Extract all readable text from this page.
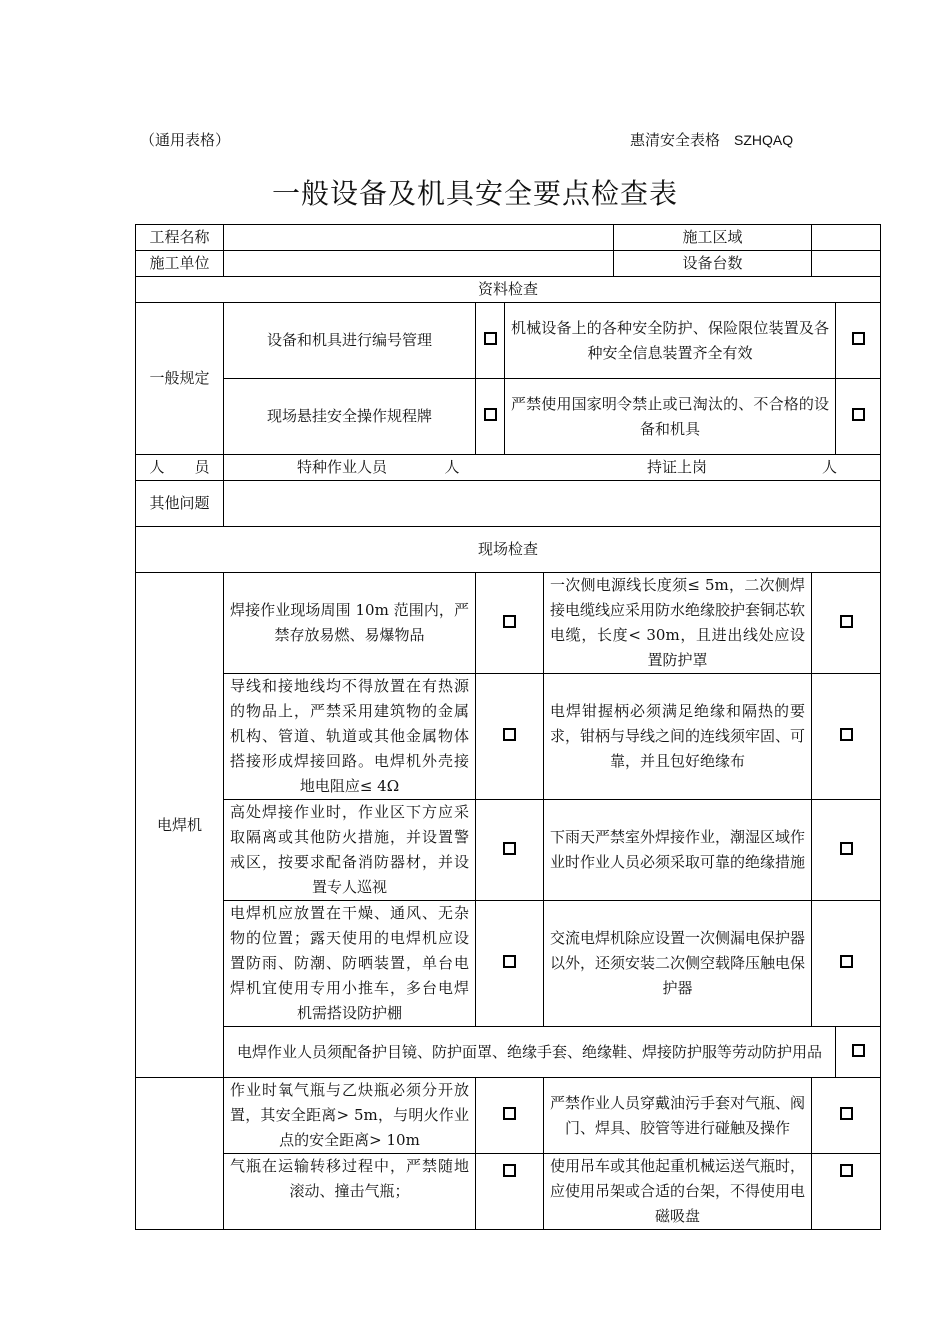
（通用表格）	惠清安全表格 SZHQAQ
一般设备及机具安全要点检查表
工程名称					施工区域		
施工单位					设备台数		
资料检查							
一般规定	设备和机具进行编号管理		机械设备上的各种安全防护、保险限位装置及各种安全信息装置齐全有效				
	现场悬挂安全操作规程牌		严禁使用国家明令禁止或已淘汰的、不合格的设备和机具				
人　　员	特种作业人员 人 持证上岗 人						
其他问题							
现场检查							
电焊机	焊接作业现场周围 10m 范围内，严禁存放易燃、易爆物品			一次侧电源线长度须≤ 5m，二次侧焊接电缆线应采用防水绝缘胶护套铜芯软电缆，长度< 30m，且进出线处应设置防护罩			
	导线和接地线均不得放置在有热源的物品上，严禁采用建筑物的金属机构、管道、轨道或其他金属物体搭接形成焊接回路。电焊机外壳接地电阻应≤ 4Ω			电焊钳握柄必须满足绝缘和隔热的要求，钳柄与导线之间的连线须牢固、可靠，并且包好绝缘布			
	高处焊接作业时，作业区下方应采取隔离或其他防火措施，并设置警戒区，按要求配备消防器材，并设置专人巡视			下雨天严禁室外焊接作业，潮湿区域作业时作业人员必须采取可靠的绝缘措施			
	电焊机应放置在干燥、通风、无杂物的位置；露天使用的电焊机应设置防雨、防潮、防晒装置，单台电焊机宜使用专用小推车，多台电焊机需搭设防护棚			交流电焊机除应设置一次侧漏电保护器以外，还须安装二次侧空载降压触电保护器			
	电焊作业人员须配备护目镜、防护面罩、绝缘手套、绝缘鞋、焊接防护服等劳动防护用品						
	作业时氧气瓶与乙炔瓶必须分开放置，其安全距离> 5m，与明火作业点的安全距离> 10m			严禁作业人员穿戴油污手套对气瓶、阀门、焊具、胶管等进行碰触及操作			
	气瓶在运输转移过程中，严禁随地滚动、撞击气瓶；			使用吊车或其他起重机械运送气瓶时，应使用吊架或合适的台架，不得使用电磁吸盘			
